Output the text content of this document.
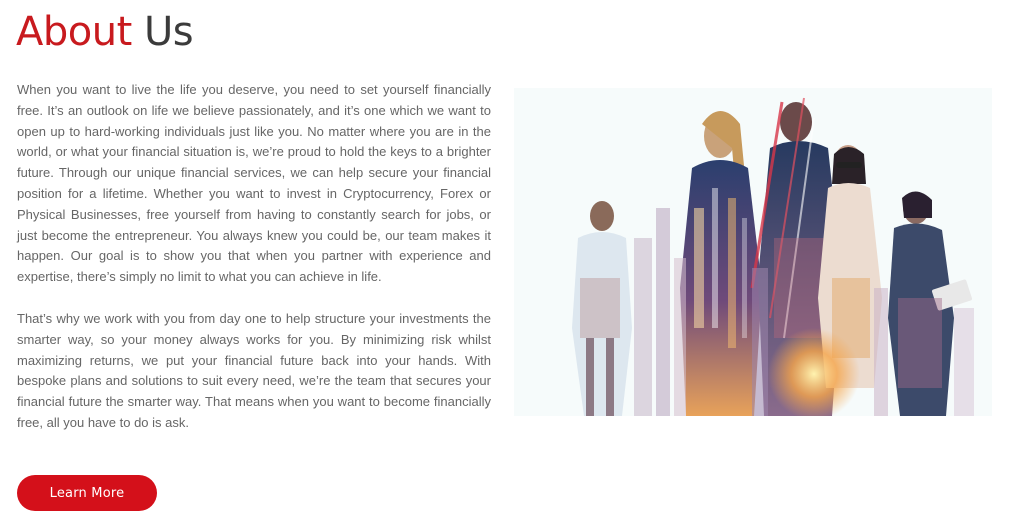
About Us

When you want to live the life you deserve, you need to set yourself financially free. It’s an outlook on life we believe passionately, and it’s one which we want to open up to hard-working individuals just like you. No matter where you are in the world, or what your financial situation is, we’re proud to hold the keys to a brighter future. Through our unique financial services, we can help secure your financial position for a lifetime. Whether you want to invest in Cryptocurrency, Forex or Physical Businesses, free yourself from having to constantly search for jobs, or just become the entrepreneur. You always knew you could be, our team makes it happen. Our goal is to show you that when you partner with experience and expertise, there’s simply no limit to what you can achieve in life.

That’s why we work with you from day one to help structure your investments the smarter way, so your money always works for you. By minimizing risk whilst maximizing returns, we put your financial future back into your hands. With bespoke plans and solutions to suit every need, we’re the team that secures your financial future the smarter way. That means when you want to become financially free, all you have to do is ask.

Learn More
